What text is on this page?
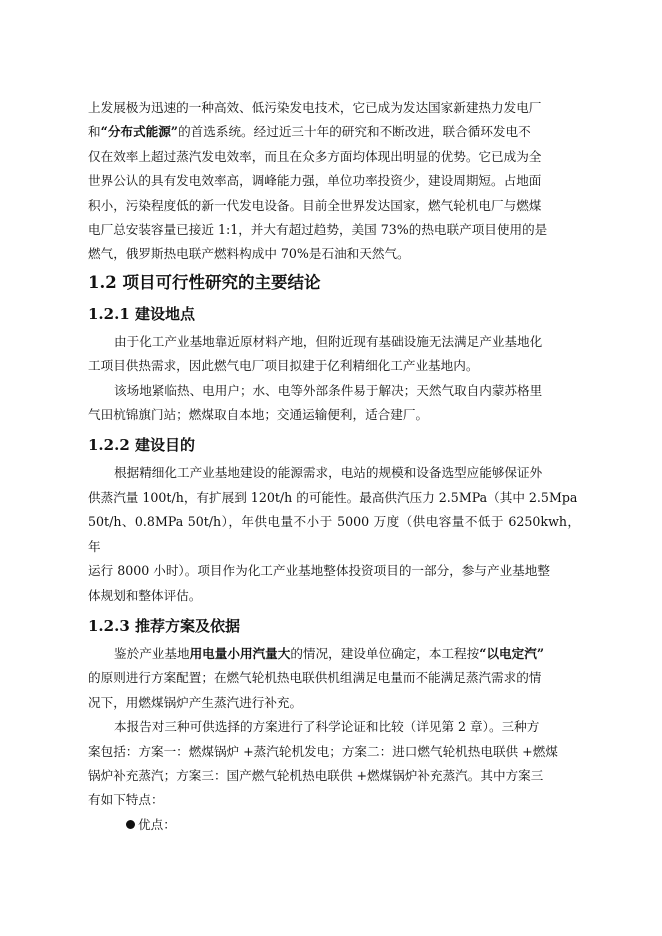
上发展极为迅速的一种高效、低污染发电技术，它已成为发达国家新建热力发电厂

和“分布式能源”的首选系统。经过近三十年的研究和不断改进，联合循环发电不

仅在效率上超过蒸汽发电效率，而且在众多方面均体现出明显的优势。它已成为全

世界公认的具有发电效率高，调峰能力强，单位功率投资少，建设周期短。占地面

积小，污染程度低的新一代发电设备。目前全世界发达国家，燃气轮机电厂与燃煤

电厂总安装容量已接近 1:1，并大有超过趋势，美国 73%的热电联产项目使用的是

燃气，俄罗斯热电联产燃料构成中 70%是石油和天然气。

1.2 项目可行性研究的主要结论
1.2.1 建设地点

由于化工产业基地靠近原材料产地，但附近现有基础设施无法满足产业基地化

工项目供热需求，因此燃气电厂项目拟建于亿利精细化工产业基地内。

该场地紧临热、电用户；水、电等外部条件易于解决；天然气取自内蒙苏格里

气田杭锦旗门站；燃煤取自本地；交通运输便利，适合建厂。

1.2.2 建设目的

根据精细化工产业基地建设的能源需求，电站的规模和设备选型应能够保证外

供蒸汽量 100t/h，有扩展到 120t/h 的可能性。最高供汽压力 2.5MPa（其中 2.5Mpa

50t/h、0.8MPa 50t/h），年供电量不小于 5000 万度（供电容量不低于 6250kwh，年

运行 8000 小时）。项目作为化工产业基地整体投资项目的一部分，参与产业基地整

体规划和整体评估。

1.2.3 推荐方案及依据

鉴於产业基地用电量小用汽量大的情况，建设单位确定，本工程按“以电定汽”

的原则进行方案配置；在燃气轮机热电联供机组满足电量而不能满足蒸汽需求的情

况下，用燃煤锅炉产生蒸汽进行补充。

本报告对三种可供选择的方案进行了科学论证和比较（详见第 2 章）。三种方

案包括：方案一：燃煤锅炉 +蒸汽轮机发电；方案二：进口燃气轮机热电联供 +燃煤

锅炉补充蒸汽；方案三：国产燃气轮机热电联供 +燃煤锅炉补充蒸汽。其中方案三

有如下特点：

优点：
